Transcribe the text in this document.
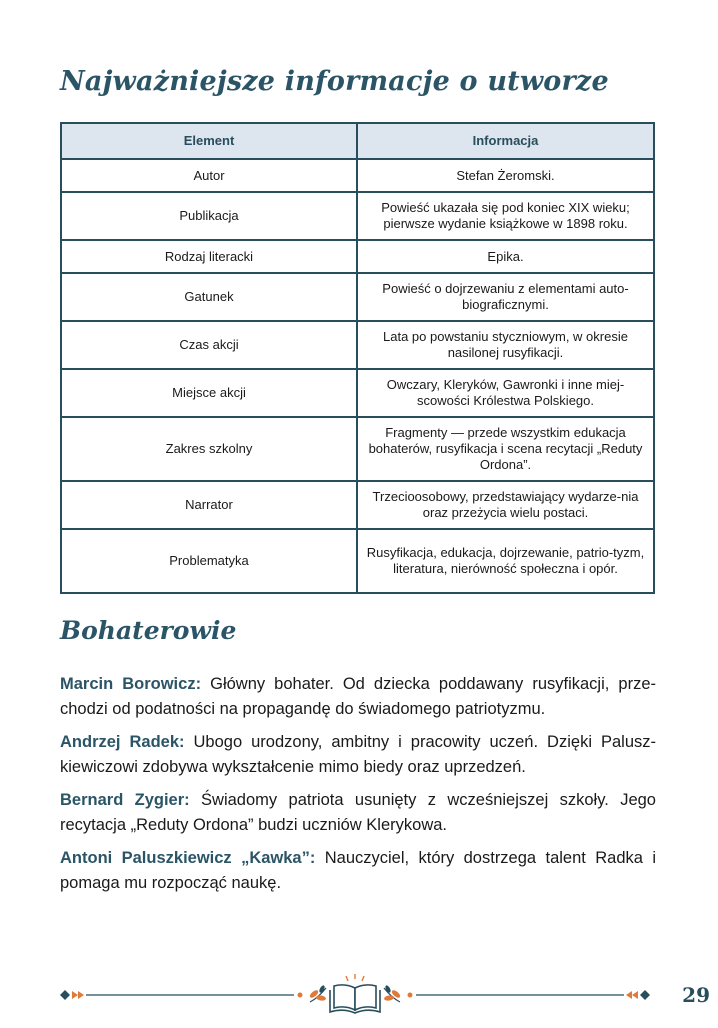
Najważniejsze informacje o utworze
Element	Informacja
Autor	Stefan Żeromski.
Publikacja	Powieść ukazała się pod koniec XIX wieku; pierwsze wydanie książkowe w 1898 roku.
Rodzaj literacki	Epika.
Gatunek	Powieść o dojrzewaniu z elementami auto-biograficznymi.
Czas akcji	Lata po powstaniu styczniowym, w okresie nasilonej rusyfikacji.
Miejsce akcji	Owczary, Kleryków, Gawronki i inne miej-scowości Królestwa Polskiego.
Zakres szkolny	Fragmenty — przede wszystkim edukacja bohaterów, rusyfikacja i scena recytacji „Reduty Ordona”.
Narrator	Trzecioosobowy, przedstawiający wydarze-nia oraz przeżycia wielu postaci.
Problematyka	Rusyfikacja, edukacja, dojrzewanie, patrio-tyzm, literatura, nierówność społeczna i opór.
Bohaterowie

Marcin Borowicz: Główny bohater. Od dziecka poddawany rusyfikacji, prze-chodzi od podatności na propagandę do świadomego patriotyzmu.

Andrzej Radek: Ubogo urodzony, ambitny i pracowity uczeń. Dzięki Palusz-kiewiczowi zdobywa wykształcenie mimo biedy oraz uprzedzeń.

Bernard Zygier: Świadomy patriota usunięty z wcześniejszej szkoły. Jego recytacja „Reduty Ordona” budzi uczniów Klerykowa.

Antoni Paluszkiewicz „Kawka”: Nauczyciel, który dostrzega talent Radka i pomaga mu rozpocząć naukę.

29
